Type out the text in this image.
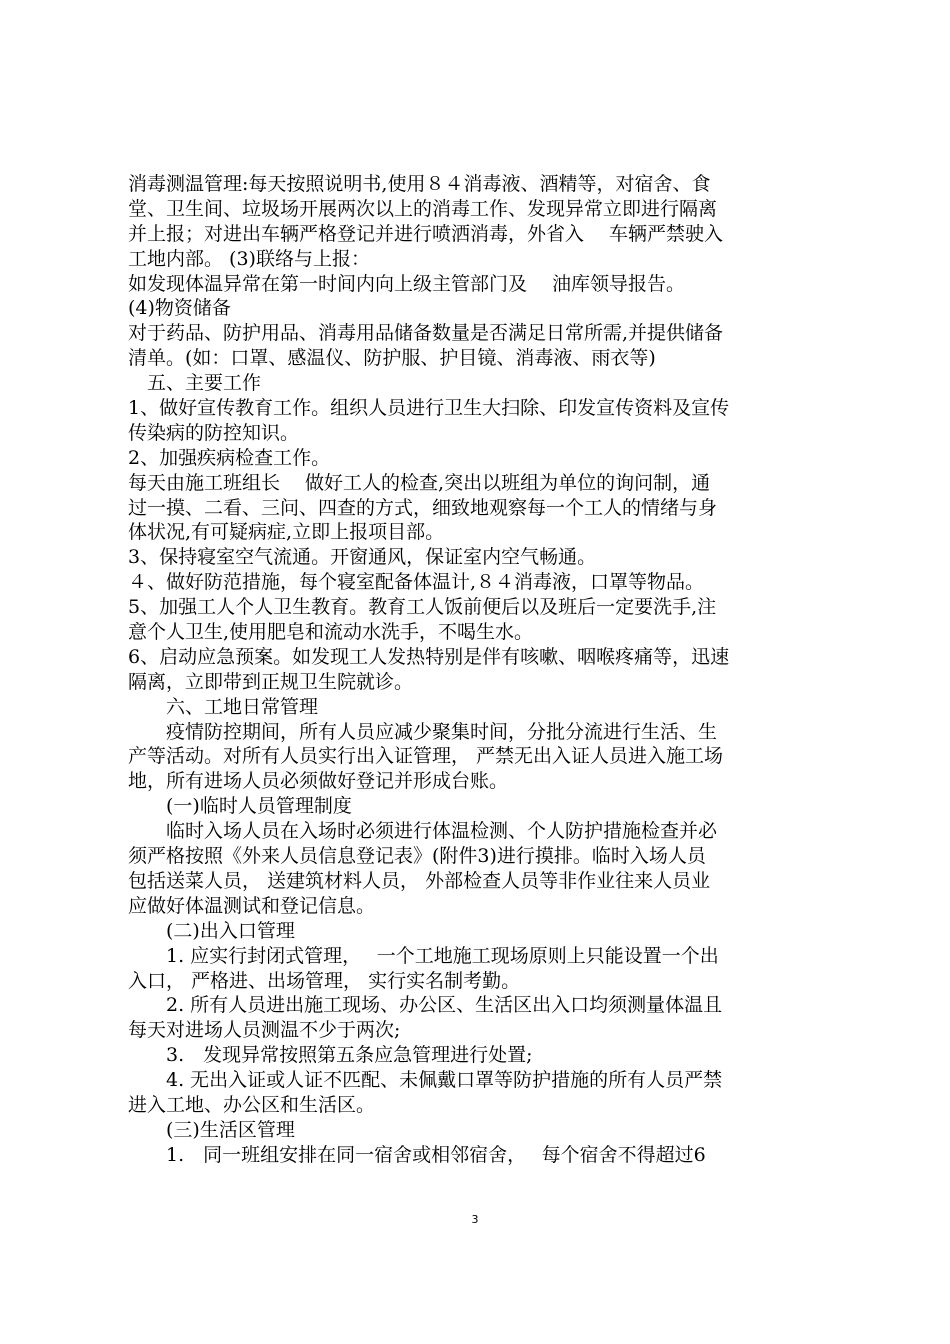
消毒测温管理:每天按照说明书,使用８４消毒液、酒精等，对宿舍、食
堂、卫生间、垃圾场开展两次以上的消毒工作、发现异常立即进行隔离
并上报；对进出车辆严格登记并进行喷洒消毒，外省入　 车辆严禁驶入
工地内部。 (3)联络与上报：
如发现体温异常在第一时间内向上级主管部门及　 油库领导报告。
(4)物资储备
对于药品、防护用品、消毒用品储备数量是否满足日常所需,并提供储备
清单。(如：口罩、感温仪、防护服、护目镜、消毒液、雨衣等)
　五、主要工作
1、做好宣传教育工作。组织人员进行卫生大扫除、印发宣传资料及宣传
传染病的防控知识。
2、加强疾病检查工作。
每天由施工班组长　 做好工人的检查,突出以班组为单位的询问制，通
过一摸、二看、三问、四查的方式，细致地观察每一个工人的情绪与身
体状况,有可疑病症,立即上报项目部。
3、保持寝室空气流通。开窗通风，保证室内空气畅通。
４、做好防范措施，每个寝室配备体温计,８４消毒液，口罩等物品。
5、加强工人个人卫生教育。教育工人饭前便后以及班后一定要洗手,注
意个人卫生,使用肥皂和流动水洗手，不喝生水。
6、启动应急预案。如发现工人发热特别是伴有咳嗽、咽喉疼痛等，迅速
隔离，立即带到正规卫生院就诊。
　　六、工地日常管理
　　疫情防控期间，所有人员应减少聚集时间，分批分流进行生活、生
产等活动。对所有人员实行出入证管理， 严禁无出入证人员进入施工场
地，所有进场人员必须做好登记并形成台账。
　　(一)临时人员管理制度
　　临时入场人员在入场时必须进行体温检测、个人防护措施检查并必
须严格按照《外来人员信息登记表》(附件3)进行摸排。临时入场人员
包括送菜人员， 送建筑材料人员， 外部检查人员等非作业往来人员业
应做好体温测试和登记信息。
　　(二)出入口管理
　　1. 应实行封闭式管理，　 一个工地施工现场原则上只能设置一个出
入口， 严格进、出场管理， 实行实名制考勤。
　　2. 所有人员进出施工现场、办公区、生活区出入口均须测量体温且
每天对进场人员测温不少于两次;
　　3.　发现异常按照第五条应急管理进行处置;
　　4. 无出入证或人证不匹配、未佩戴口罩等防护措施的所有人员严禁
进入工地、办公区和生活区。
　　(三)生活区管理
　　1.　同一班组安排在同一宿舍或相邻宿舍，　 每个宿舍不得超过6
3
